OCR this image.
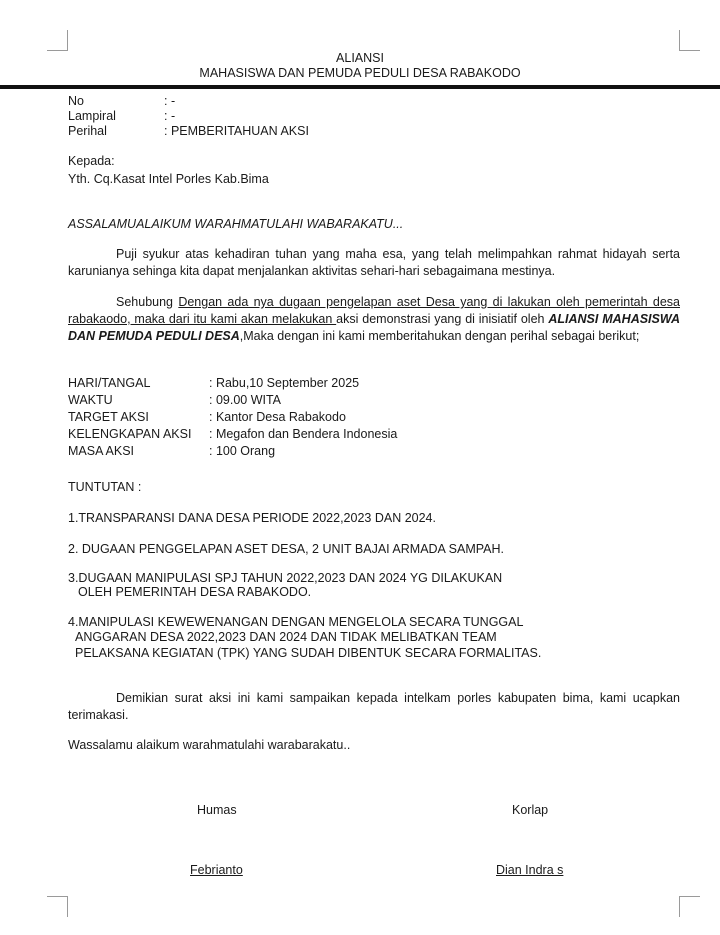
ALIANSI
MAHASISWA DAN PEMUDA PEDULI DESA RABAKODO
No	: -
Lampiral	: -
Perihal	: PEMBERITAHUAN AKSI
Kepada:
Yth. Cq.Kasat Intel Porles Kab.Bima
ASSALAMUALAIKUM WARAHMATULAHI WABARAKATU...
Puji syukur atas kehadiran tuhan yang maha esa, yang telah melimpahkan rahmat hidayah serta karunianya sehinga kita dapat menjalankan aktivitas sehari-hari sebagaimana mestinya.
Sehubung Dengan ada nya dugaan pengelapan aset Desa yang di lakukan oleh pemerintah desa rabakaodo, maka dari itu kami akan melakukan aksi demonstrasi yang di inisiatif oleh ALIANSI MAHASISWA DAN PEMUDA PEDULI DESA,Maka dengan ini kami memberitahukan dengan perihal sebagai berikut;
HARI/TANGAL	: Rabu,10 September 2025
WAKTU	: 09.00 WITA
TARGET AKSI	: Kantor Desa Rabakodo
KELENGKAPAN AKSI : Megafon dan Bendera Indonesia
MASA AKSI	: 100 Orang
TUNTUTAN :
1.TRANSPARANSI DANA DESA PERIODE 2022,2023 DAN 2024.
2. DUGAAN PENGGELAPAN ASET DESA, 2 UNIT BAJAI ARMADA SAMPAH.
3.DUGAAN MANIPULASI SPJ TAHUN 2022,2023 DAN 2024 YG DILAKUKAN
OLEH PEMERINTAH DESA RABAKODO.
4.MANIPULASI KEWEWENANGAN DENGAN MENGELOLA SECARA TUNGGAL
ANGGARAN DESA 2022,2023 DAN 2024 DAN TIDAK MELIBATKAN TEAM
PELAKSANA KEGIATAN (TPK) YANG SUDAH DIBENTUK SECARA FORMALITAS.
Demikian surat aksi ini kami sampaikan kepada intelkam porles kabupaten bima, kami ucapkan terimakasi.
Wassalamu alaikum warahmatulahi warabarakatu..
Humas	Korlap
Febrianto	Dian Indra s
